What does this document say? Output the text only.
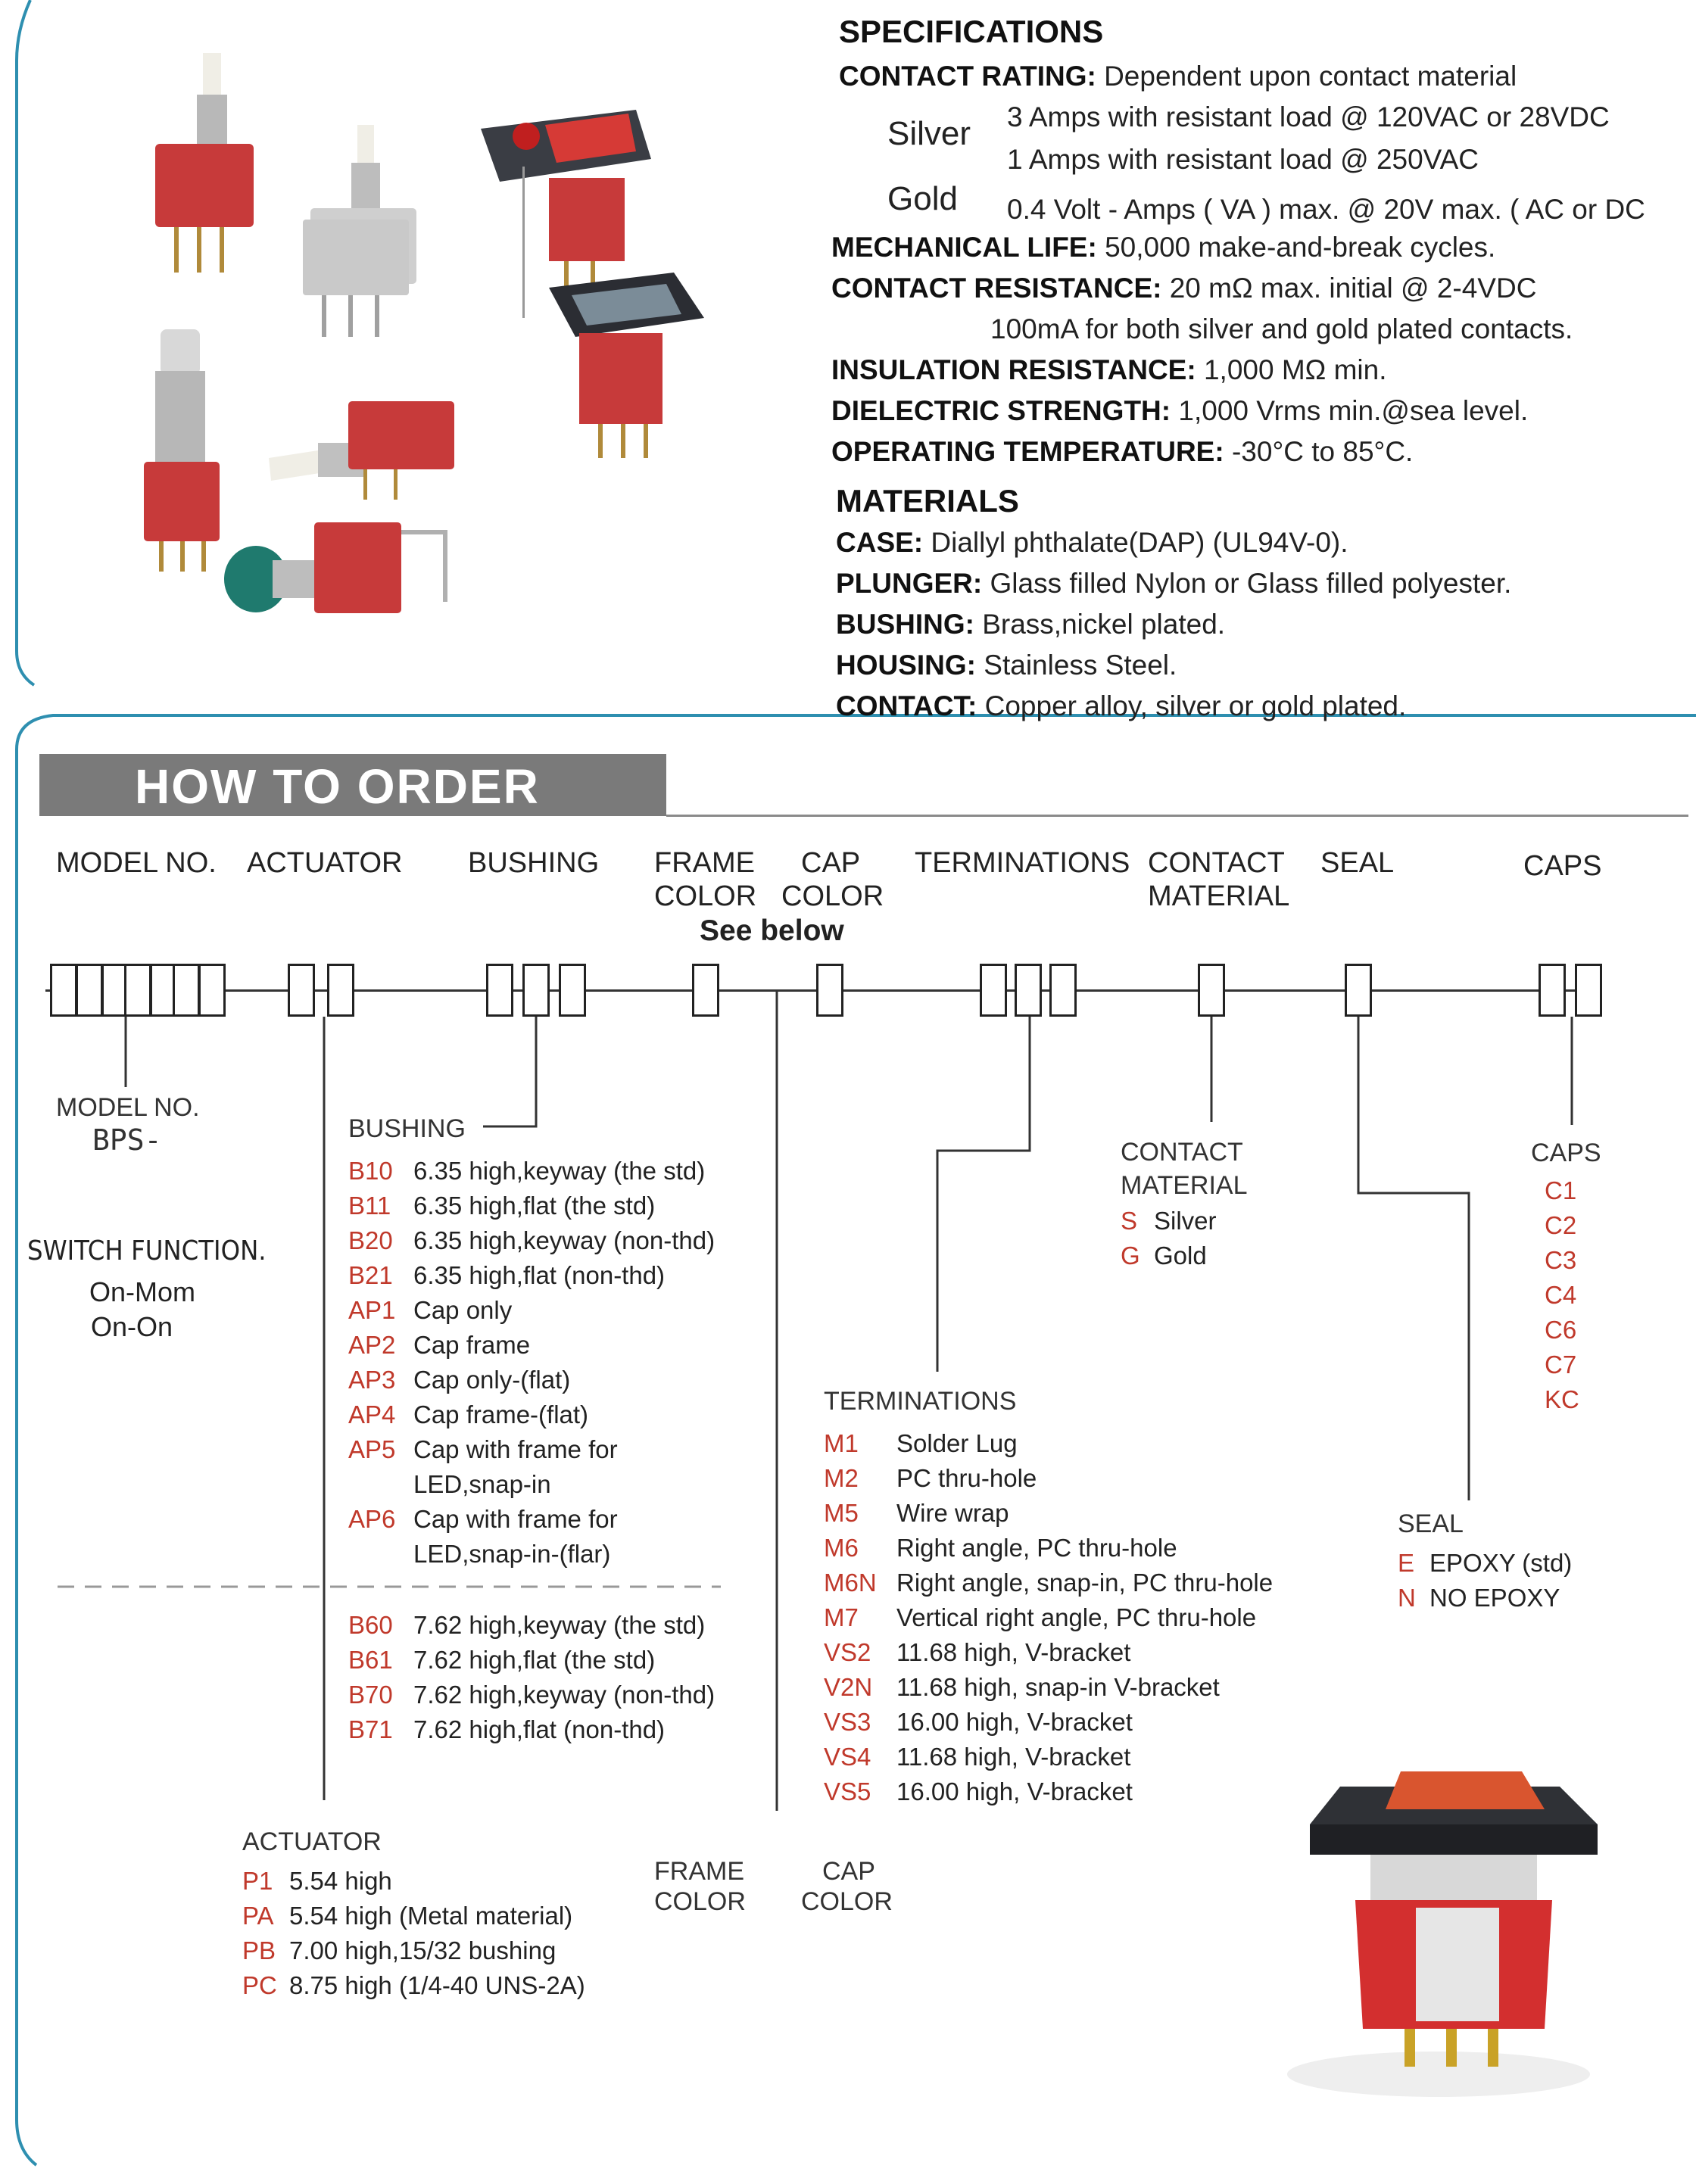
SPECIFICATIONS
CONTACT RATING: Dependent upon contact material
Silver 3 Amps with resistant load @ 120VAC or 28VDC
1 Amps with resistant load @ 250VAC
Gold 0.4 Volt - Amps ( VA ) max. @ 20V max. ( AC or DC
MECHANICAL LIFE: 50,000 make-and-break cycles.
CONTACT RESISTANCE: 20 mΩ max. initial @ 2-4VDC
100mA for both silver and gold plated contacts.
INSULATION RESISTANCE: 1,000 MΩ min.
DIELECTRIC STRENGTH: 1,000 Vrms min.@sea level.
OPERATING TEMPERATURE: -30°C to 85°C.
MATERIALS
CASE: Diallyl phthalate(DAP) (UL94V-0).
PLUNGER: Glass filled Nylon or Glass filled polyester.
BUSHING: Brass,nickel plated.
HOUSING: Stainless Steel.
CONTACT: Copper alloy, silver or gold plated.
HOW TO ORDER
MODEL NO. ACTUATOR BUSHING FRAME
COLOR
CAP
COLOR
TERMINATIONS CONTACT
MATERIAL
SEAL	CAPS
See below
MODEL NO.
BPS-
SWITCH FUNCTION.
On-Mom
On-On
BUSHING
B10 6.35 high,keyway (the std)
B11 6.35 high,flat (the std)
B20 6.35 high,keyway (non-thd)
B21 6.35 high,flat (non-thd)
AP1 Cap only
AP2 Cap frame
AP3 Cap only-(flat)
AP4 Cap frame-(flat)
AP5 Cap with frame for
LED,snap-in
AP6 Cap with frame for
LED,snap-in-(flar)
B60 7.62 high,keyway (the std)
B61 7.62 high,flat (the std)
B70 7.62 high,keyway (non-thd)
B71 7.62 high,flat (non-thd)
ACTUATOR
P1 5.54 high
PA 5.54 high (Metal material)
PB 7.00 high,15/32 bushing
PC 8.75 high (1/4-40 UNS-2A)
FRAME
COLOR
CAP
COLOR
TERMINATIONS
M1 Solder Lug
M2 PC thru-hole
M5 Wire wrap
M6 Right angle, PC thru-hole
M6N Right angle, snap-in, PC thru-hole
M7 Vertical right angle, PC thru-hole
VS2 11.68 high, V-bracket
V2N 11.68 high, snap-in V-bracket
VS3 16.00 high, V-bracket
VS4 11.68 high, V-bracket
VS5 16.00 high, V-bracket
CONTACT
MATERIAL
S Silver
G Gold
SEAL
E EPOXY (std)
N NO EPOXY
CAPS
C1
C2
C3
C4
C6
C7
KC
